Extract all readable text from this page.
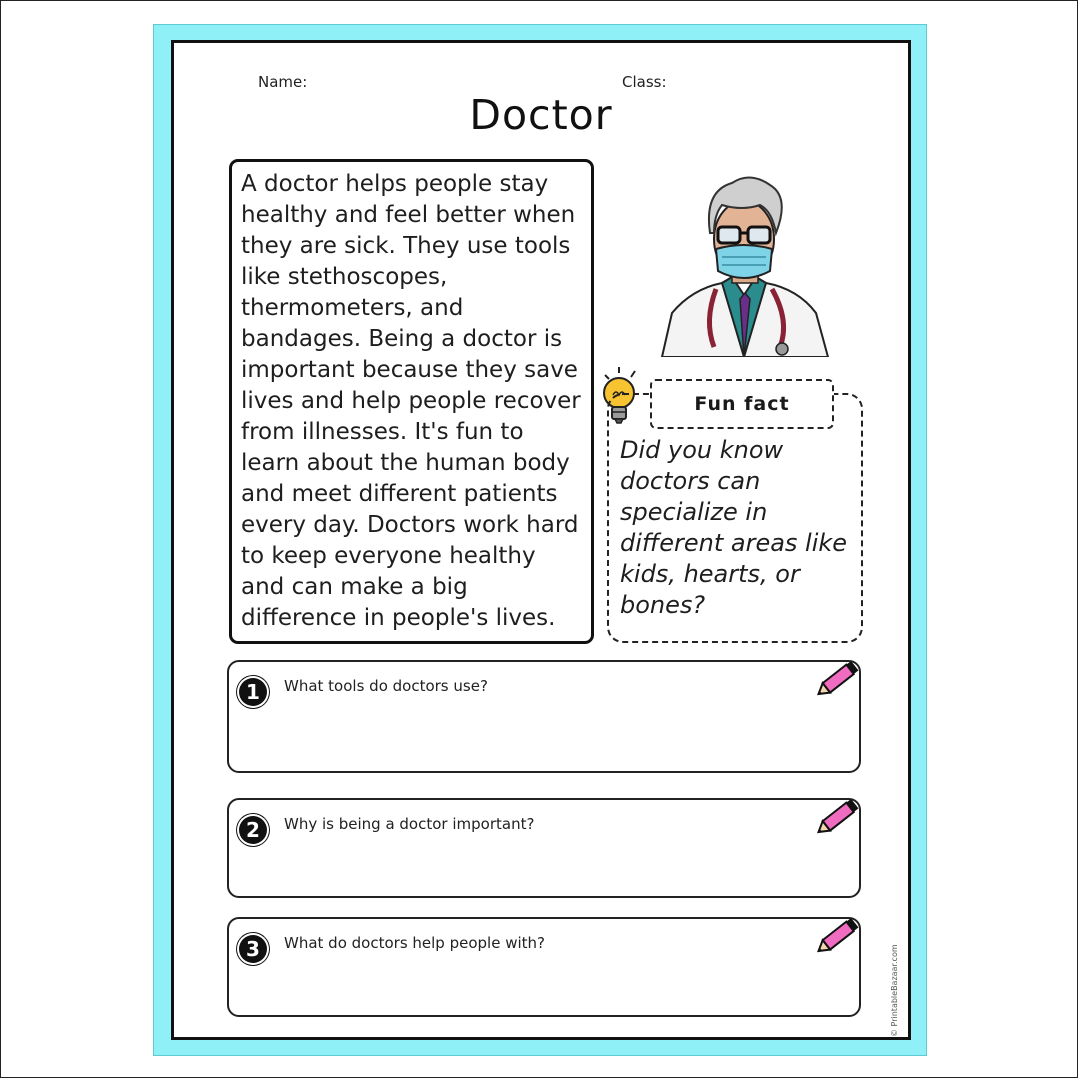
Name:	Class:
Doctor
A doctor helps people stay healthy and feel better when they are sick. They use tools like stethoscopes, thermometers, and bandages. Being a doctor is important because they save lives and help people recover from illnesses. It's fun to learn about the human body and meet different patients every day. Doctors work hard to keep everyone healthy and can make a big difference in people's lives.
Fun fact
Did you know doctors can specialize in different areas like kids, hearts, or bones?
1	What tools do doctors use?
2	Why is being a doctor important?
3	What do doctors help people with?
© PrintableBazaar.com
